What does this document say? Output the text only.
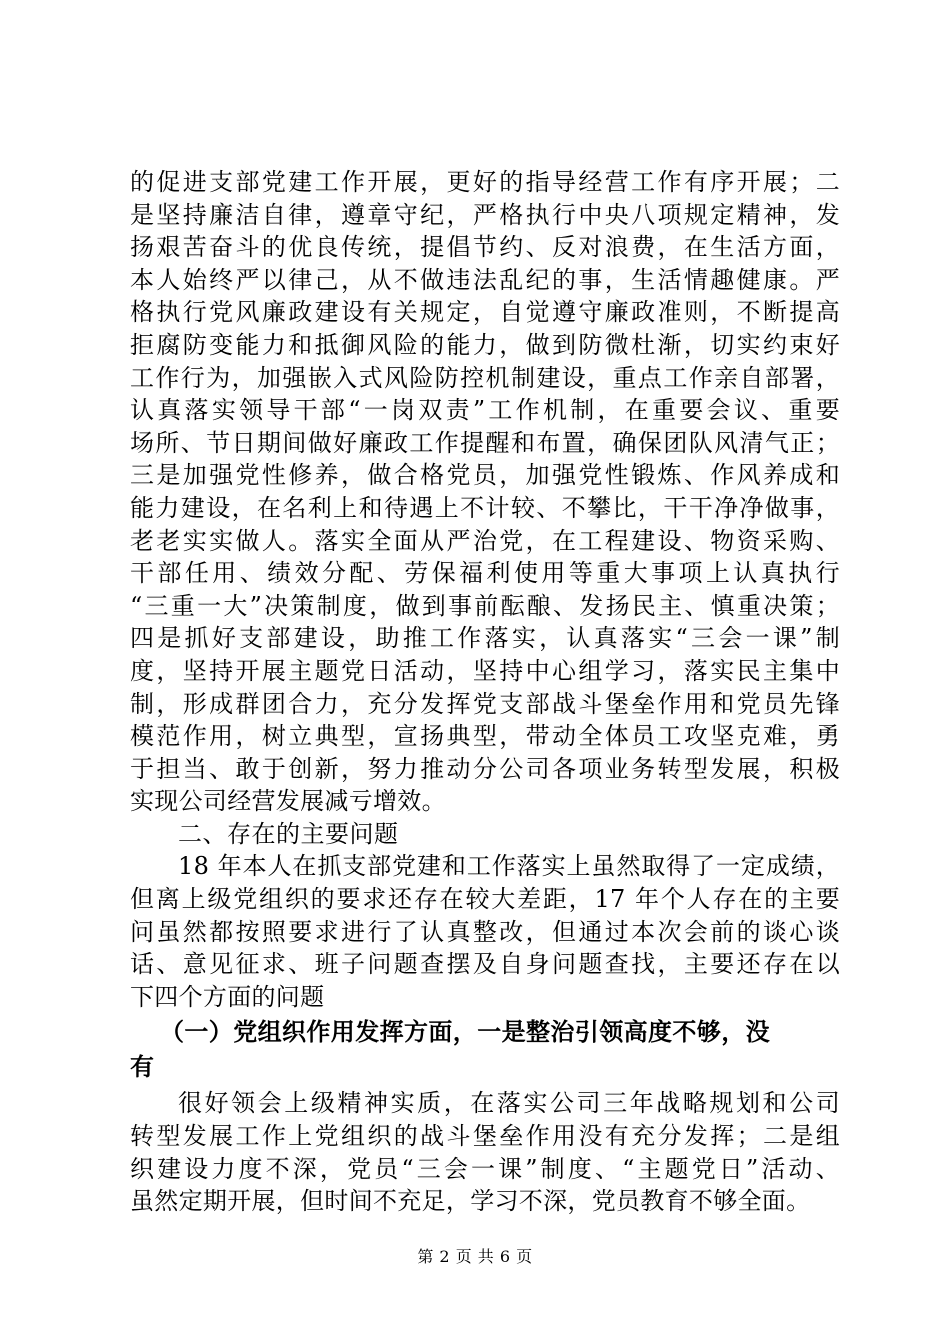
的促进支部党建工作开展，更好的指导经营工作有序开展；二
是坚持廉洁自律，遵章守纪，严格执行中央八项规定精神，发
扬艰苦奋斗的优良传统，提倡节约、反对浪费，在生活方面，
本人始终严以律己，从不做违法乱纪的事，生活情趣健康。严
格执行党风廉政建设有关规定，自觉遵守廉政准则，不断提高
拒腐防变能力和抵御风险的能力，做到防微杜渐，切实约束好
工作行为，加强嵌入式风险防控机制建设，重点工作亲自部署，
认真落实领导干部“一岗双责”工作机制，在重要会议、重要
场所、节日期间做好廉政工作提醒和布置，确保团队风清气正；
三是加强党性修养，做合格党员，加强党性锻炼、作风养成和
能力建设，在名利上和待遇上不计较、不攀比，干干净净做事，
老老实实做人。落实全面从严治党，在工程建设、物资采购、
干部任用、绩效分配、劳保福利使用等重大事项上认真执行
“三重一大”决策制度，做到事前酝酿、发扬民主、慎重决策；
四是抓好支部建设，助推工作落实，认真落实“三会一课”制
度，坚持开展主题党日活动，坚持中心组学习，落实民主集中
制，形成群团合力，充分发挥党支部战斗堡垒作用和党员先锋
模范作用，树立典型，宣扬典型，带动全体员工攻坚克难，勇
于担当、敢于创新，努力推动分公司各项业务转型发展，积极
实现公司经营发展减亏增效。
二、存在的主要问题
18 年本人在抓支部党建和工作落实上虽然取得了一定成绩，
但离上级党组织的要求还存在较大差距，17 年个人存在的主要
问虽然都按照要求进行了认真整改，但通过本次会前的谈心谈
话、意见征求、班子问题查摆及自身问题查找，主要还存在以
下四个方面的问题
（一）党组织作用发挥方面，一是整治引领高度不够，没
有
很好领会上级精神实质，在落实公司三年战略规划和公司
转型发展工作上党组织的战斗堡垒作用没有充分发挥；二是组
织建设力度不深，党员“三会一课”制度、“主题党日”活动、
虽然定期开展，但时间不充足，学习不深，党员教育不够全面。
第 2 页 共 6 页
